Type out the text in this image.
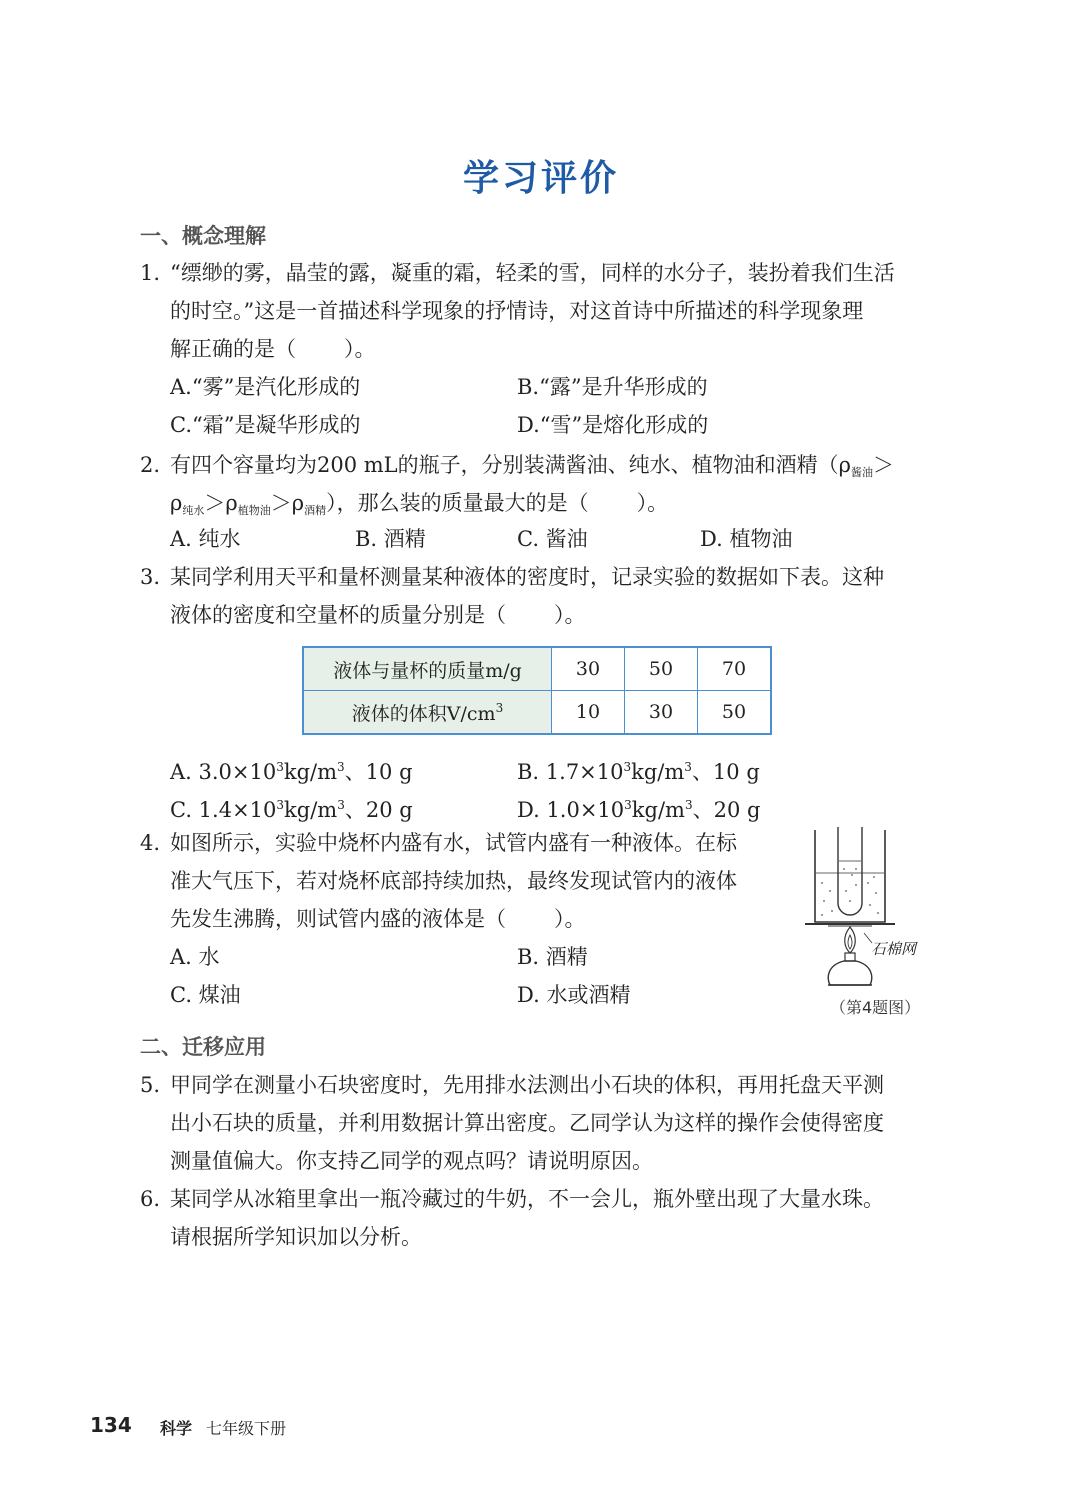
学习评价
一、概念理解
1. “缥缈的雾，晶莹的露，凝重的霜，轻柔的雪，同样的水分子，装扮着我们生活
的时空。”这是一首描述科学现象的抒情诗，对这首诗中所描述的科学现象理
解正确的是（ ）。
A.“雾”是汽化形成的	B.“露”是升华形成的
C.“霜”是凝华形成的	D.“雪”是熔化形成的
2. 有四个容量均为200 mL的瓶子，分别装满酱油、纯水、植物油和酒精（$\rho_{酱油}>$
$\rho_{纯水}>\rho_{植物油}>\rho_{酒精}$），那么装的质量最大的是（ ）。
A. 纯水	B. 酒精	C. 酱油	D. 植物油
3. 某同学利用天平和量杯测量某种液体的密度时，记录实验的数据如下表。这种
液体的密度和空量杯的质量分别是（ ）。
液体与量杯的质量m/g	30	50	70
液体的体积$V/cm^3$	10	30	50
A. $3.0\times 10^3kg/m^3$、10 g	B. $1.7\times 10^3kg/m^3$、10 g
C. $1.4\times 10^3kg/m^3$、20 g	D. $1.0\times 10^3kg/m^3$、20 g
4. 如图所示，实验中烧杯内盛有水，试管内盛有一种液体。在标
准大气压下，若对烧杯底部持续加热，最终发现试管内的液体
先发生沸腾，则试管内盛的液体是（ ）。
A. 水	B. 酒精
C. 煤油	D. 水或酒精
石棉网
（第4题图）
二、迁移应用
5. 甲同学在测量小石块密度时，先用排水法测出小石块的体积，再用托盘天平测
出小石块的质量，并利用数据计算出密度。乙同学认为这样的操作会使得密度
测量值偏大。你支持乙同学的观点吗？请说明原因。
6. 某同学从冰箱里拿出一瓶冷藏过的牛奶，不一会儿，瓶外壁出现了大量水珠。
请根据所学知识加以分析。
134 科学 七年级下册
